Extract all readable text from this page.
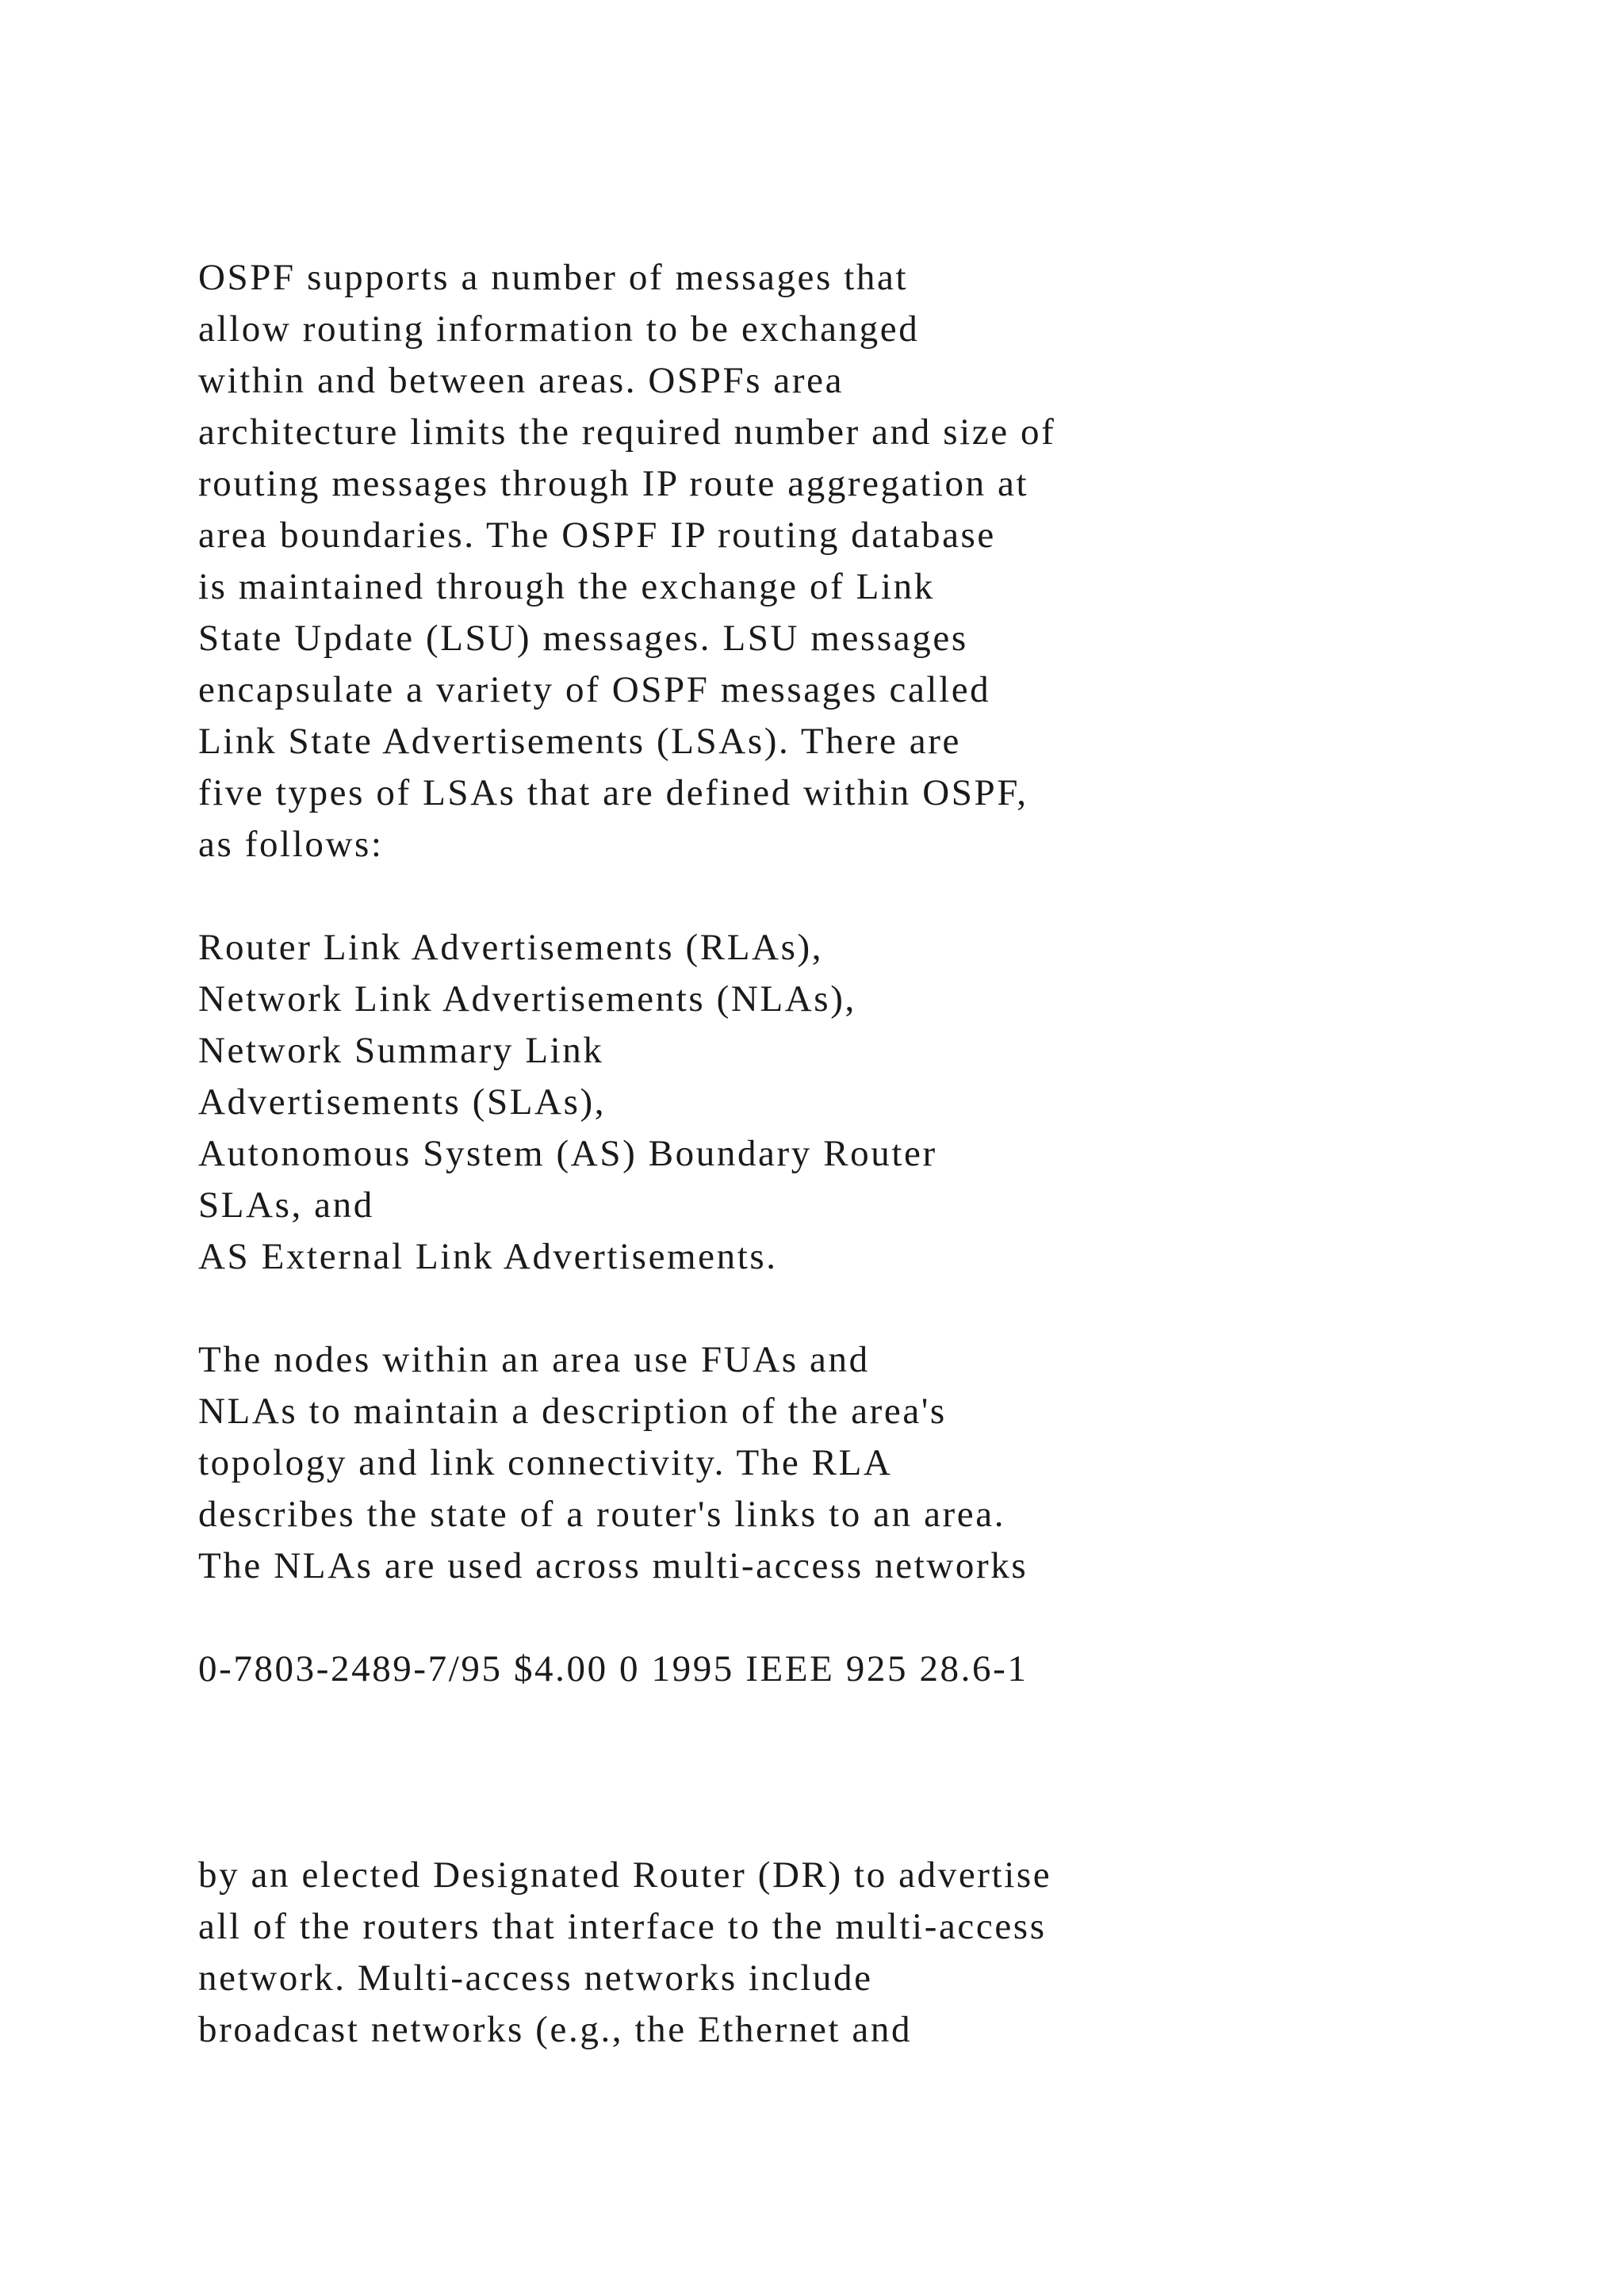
OSPF supports a number of messages that

allow routing information to be exchanged

within and between areas. OSPFs area

architecture limits the required number and size of

routing messages through IP route aggregation at

area boundaries. The OSPF IP routing database

is maintained through the exchange of Link

State Update (LSU) messages. LSU messages

encapsulate a variety of OSPF messages called

Link State Advertisements (LSAs). There are

five types of LSAs that are defined within OSPF,

as follows:

Router Link Advertisements (RLAs),

Network Link Advertisements (NLAs),

Network Summary Link

Advertisements (SLAs),

Autonomous System (AS) Boundary Router

SLAs, and

AS External Link Advertisements.

The nodes within an area use FUAs and

NLAs to maintain a description of the area's

topology and link connectivity. The RLA

describes the state of a router's links to an area.

The NLAs are used across multi-access networks

0-7803-2489-7/95 $4.00 0 1995 IEEE 925 28.6-1

by an elected Designated Router (DR) to advertise

all of the routers that interface to the multi-access

network. Multi-access networks include

broadcast networks (e.g., the Ethernet and
